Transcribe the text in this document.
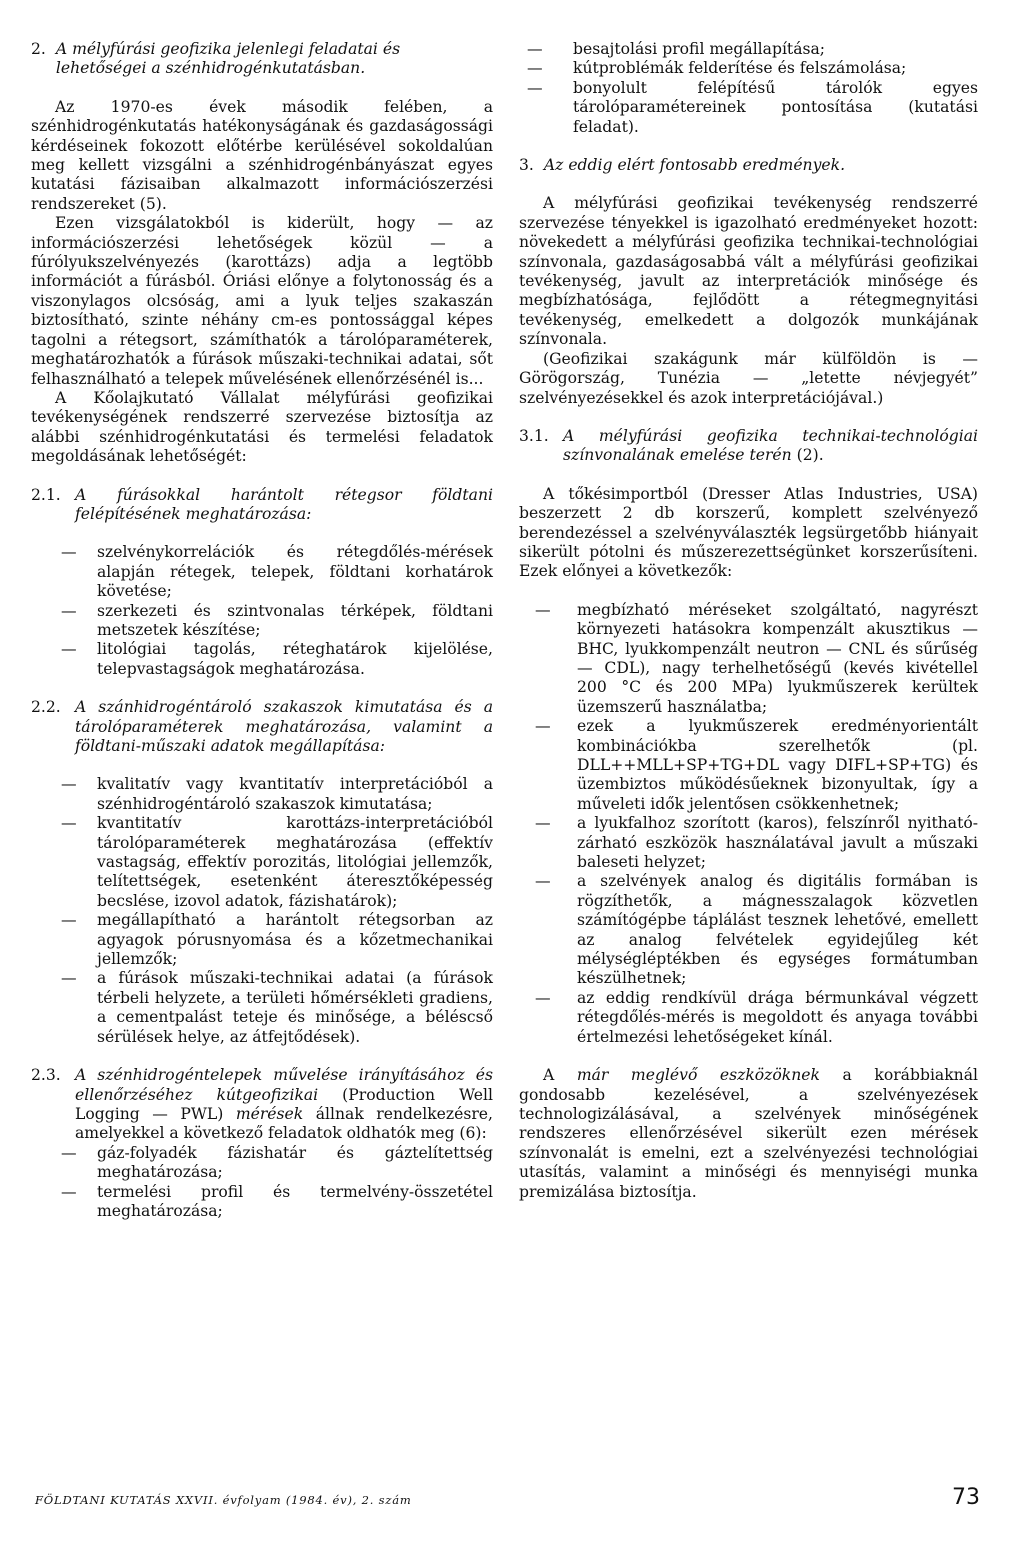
2. A mélyfúrási geofizika jelenlegi feladatai és lehetőségei a szénhidrogénkutatásban.

Az 1970-es évek második felében, a szénhidrogénkutatás hatékonyságának és gazdaságossági kérdéseinek fokozott előtérbe kerülésével sokoldalúan meg kellett vizsgálni a szénhidrogénbányászat egyes kutatási fázisaiban alkalmazott információszerzési rendszereket (5).

Ezen vizsgálatokból is kiderült, hogy — az információszerzési lehetőségek közül — a fúrólyukszelvényezés (karottázs) adja a legtöbb információt a fúrásból. Óriási előnye a folytonosság és a viszonylagos olcsóság, ami a lyuk teljes szakaszán biztosítható, szinte néhány cm-es pontossággal képes tagolni a rétegsort, számíthatók a tárolóparaméterek, meghatározhatók a fúrások műszaki-technikai adatai, sőt felhasználható a telepek művelésének ellenőrzésénél is...

A Kőolajkutató Vállalat mélyfúrási geofizikai tevékenységének rendszerré szervezése biztosítja az alábbi szénhidrogénkutatási és termelési feladatok megoldásának lehetőségét:

2.1. A fúrásokkal harántolt rétegsor földtani felépítésének meghatározása:
— szelvénykorrelációk és rétegdőlés-mérések alapján rétegek, telepek, földtani korhatárok követése;
— szerkezeti és szintvonalas térképek, földtani metszetek készítése;
— litológiai tagolás, réteghatárok kijelölése, telepvastagságok meghatározása.
2.2. A szánhidrogéntároló szakaszok kimutatása és a tárolóparaméterek meghatározása, valamint a földtani-műszaki adatok megállapítása:
— kvalitatív vagy kvantitatív interpretációból a szénhidrogéntároló szakaszok kimutatása;
— kvantitatív karottázs-interpretációból tárolóparaméterek meghatározása (effektív vastagság, effektív porozitás, litológiai jellemzők, telítettségek, esetenként áteresztőképesség becslése, izovol adatok, fázishatárok);
— megállapítható a harántolt rétegsorban az agyagok pórusnyomása és a kőzetmechanikai jellemzők;
— a fúrások műszaki-technikai adatai (a fúrások térbeli helyzete, a területi hőmérsékleti gradiens, a cementpalást teteje és minősége, a béléscső sérülések helye, az átfejtődések).
2.3. A szénhidrogéntelepek művelése irányításához és ellenőrzéséhez kútgeofizikai (Production Well Logging — PWL) mérések állnak rendelkezésre, amelyekkel a következő feladatok oldhatók meg (6):
— gáz-folyadék fázishatár és gáztelítettség meghatározása;
— termelési profil és termelvény-összetétel meghatározása;
— besajtolási profil megállapítása;
— kútproblémák felderítése és felszámolása;
— bonyolult felépítésű tárolók egyes tárolóparamétereinek pontosítása (kutatási feladat).
3. Az eddig elért fontosabb eredmények.

A mélyfúrási geofizikai tevékenység rendszerré szervezése tényekkel is igazolható eredményeket hozott: növekedett a mélyfúrási geofizika technikai-technológiai színvonala, gazdaságosabbá vált a mélyfúrási geofizikai tevékenység, javult az interpretációk minősége és megbízhatósága, fejlődött a rétegmegnyitási tevékenység, emelkedett a dolgozók munkájának színvonala.

(Geofizikai szakágunk már külföldön is — Görögország, Tunézia — „letette névjegyét” szelvényezésekkel és azok interpretációjával.)

3.1. A mélyfúrási geofizika technikai-technológiai színvonalának emelése terén (2).

A tőkésimportból (Dresser Atlas Industries, USA) beszerzett 2 db korszerű, komplett szelvényező berendezéssel a szelvényválaszték legsürgetőbb hiányait sikerült pótolni és műszerezettségünket korszerűsíteni. Ezek előnyei a következők:

— megbízható méréseket szolgáltató, nagyrészt környezeti hatásokra kompenzált akusztikus — BHC, lyukkompenzált neutron — CNL és sűrűség — CDL), nagy terhelhetőségű (kevés kivétellel 200 °C és 200 MPa) lyukműszerek kerültek üzemszerű használatba;
— ezek a lyukműszerek eredményorientált kombinációkba szerelhetők (pl. DLL++MLL+SP+TG+DL vagy DIFL+SP+TG) és üzembiztos működésűeknek bizonyultak, így a műveleti idők jelentősen csökkenhetnek;
— a lyukfalhoz szorított (karos), felszínről nyitható-zárható eszközök használatával javult a műszaki baleseti helyzet;
— a szelvények analog és digitális formában is rögzíthetők, a mágnesszalagok közvetlen számítógépbe táplálást tesznek lehetővé, emellett az analog felvételek egyidejűleg két mélységléptékben és egységes formátumban készülhetnek;
— az eddig rendkívül drága bérmunkával végzett rétegdőlés-mérés is megoldott és anyaga további értelmezési lehetőségeket kínál.

A már meglévő eszközöknek a korábbiaknál gondosabb kezelésével, a szelvényezések technologizálásával, a szelvények minőségének rendszeres ellenőrzésével sikerült ezen mérések színvonalát is emelni, ezt a szelvényezési technológiai utasítás, valamint a minőségi és mennyiségi munka premizálása biztosítja.

FÖLDTANI KUTATÁS XXVII. évfolyam (1984. év), 2. szám	73
